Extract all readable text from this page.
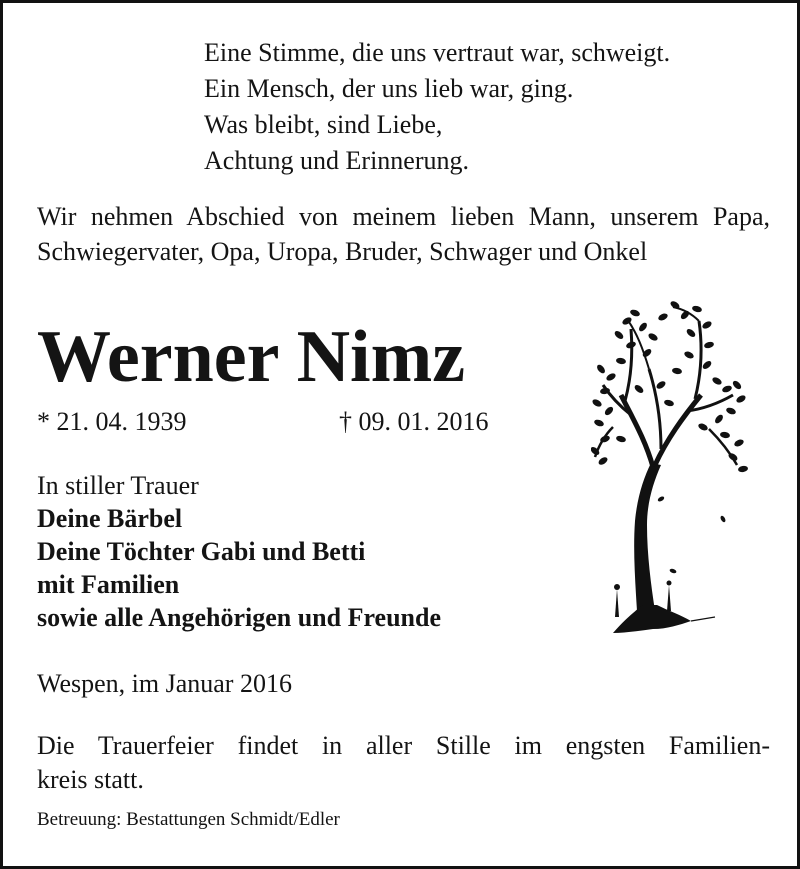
Eine Stimme, die uns vertraut war, schweigt.
Ein Mensch, der uns lieb war, ging.
Was bleibt, sind Liebe,
Achtung und Erinnerung.
Wir nehmen Abschied von meinem lieben Mann, unserem Papa, Schwiegervater, Opa, Uropa, Bruder, Schwager und Onkel
Werner Nimz
* 21. 04. 1939	† 09. 01. 2016
In stiller Trauer
Deine Bärbel
Deine Töchter Gabi und Betti
mit Familien
sowie alle Angehörigen und Freunde
Wespen, im Januar 2016
Die Trauerfeier findet in aller Stille im engsten Familien-
kreis statt.
Betreuung: Bestattungen Schmidt/Edler
